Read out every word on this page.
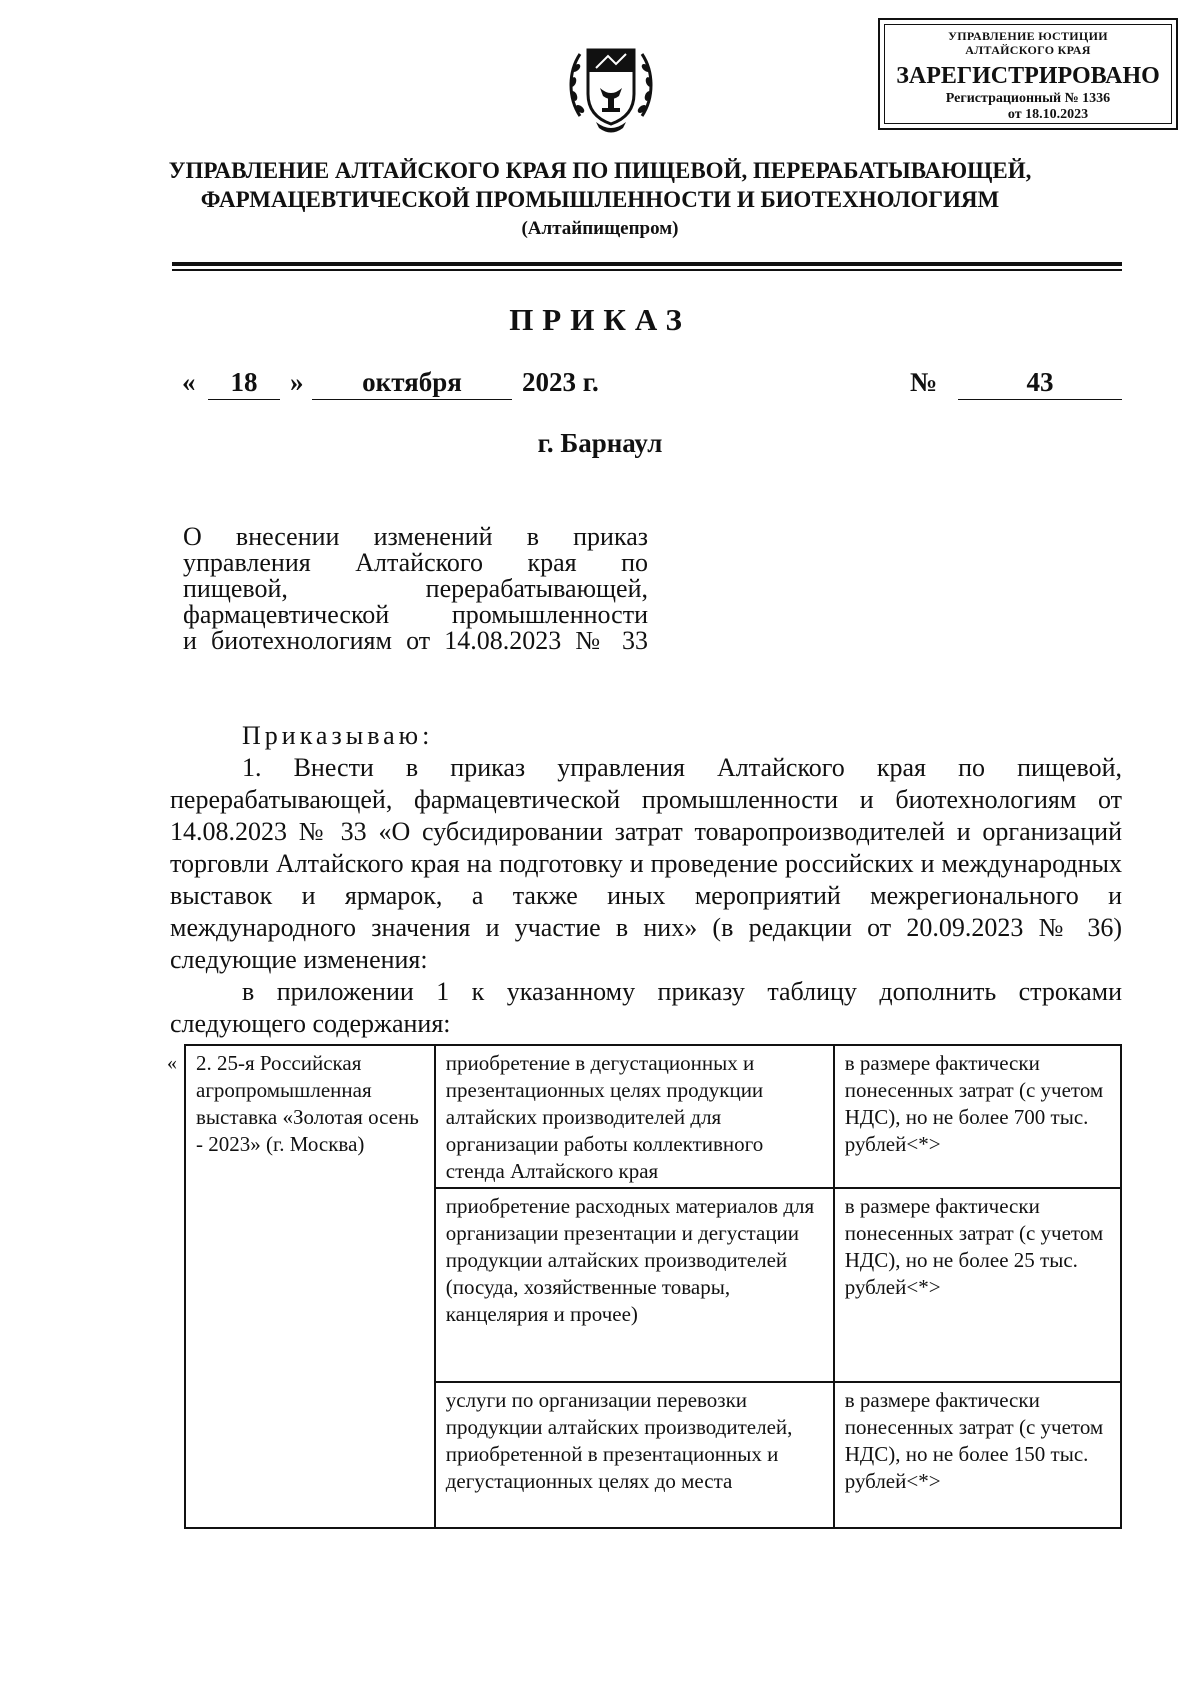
УПРАВЛЕНИЕ ЮСТИЦИИ
АЛТАЙСКОГО КРАЯ
ЗАРЕГИСТРИРОВАНО
Регистрационный № 1336
от 18.10.2023
УПРАВЛЕНИЕ АЛТАЙСКОГО КРАЯ ПО ПИЩЕВОЙ, ПЕРЕРАБАТЫВАЮЩЕЙ,
ФАРМАЦЕВТИЧЕСКОЙ ПРОМЫШЛЕННОСТИ И БИОТЕХНОЛОГИЯМ
(Алтайпищепром)
ПРИКАЗ
«	18	»	октября	2023 г.	№	43
г. Барнаул
О внесении изменений в приказ
управления Алтайского края по
пищевой, перерабатывающей,
фармацевтической промышленности
и биотехнологиям от 14.08.2023 № 33

Приказываю:

1. Внести в приказ управления Алтайского края по пищевой, перерабатывающей, фармацевтической промышленности и биотехнологиям от 14.08.2023 № 33 «О субсидировании затрат товаропроизводителей и организаций торговли Алтайского края на подготовку и проведение российских и международных выставок и ярмарок, а также иных мероприятий межрегионального и международного значения и участие в них» (в редакции от 20.09.2023 № 36) следующие изменения:

в приложении 1 к указанному приказу таблицу дополнить строками следующего содержания:

« 2. 25-я Российская агропромышленная выставка «Золотая осень - 2023» (г. Москва)	приобретение в дегустационных и презентационных целях продукции алтайских производителей для организации работы коллективного стенда Алтайского края	в размере фактически понесенных затрат (с учетом НДС), но не более 700 тыс. рублей<*>
	приобретение расходных материалов для организации презентации и дегустации продукции алтайских производителей (посуда, хозяйственные товары, канцелярия и прочее)	в размере фактически понесенных затрат (с учетом НДС), но не более 25 тыс. рублей<*>
	услуги по организации перевозки продукции алтайских производителей, приобретенной в презентационных и дегустационных целях до места	в размере фактически понесенных затрат (с учетом НДС), но не более 150 тыс. рублей<*>
